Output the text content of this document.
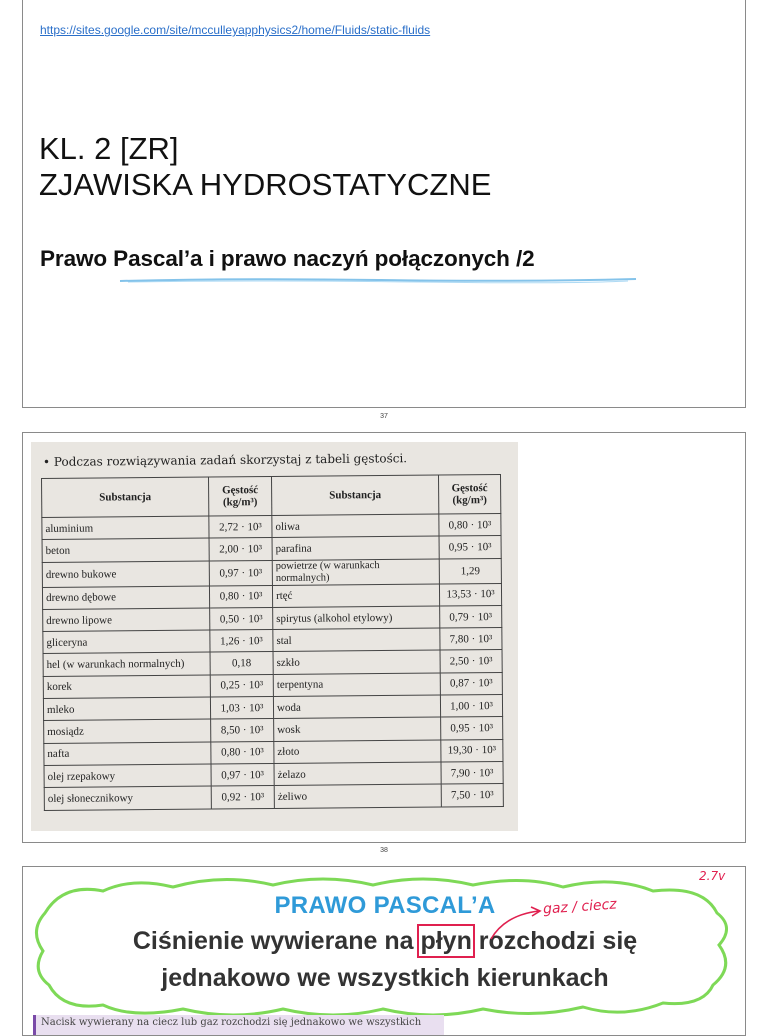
https://sites.google.com/site/mcculleyapphysics2/home/Fluids/static-fluids
KL. 2 [ZR]
ZJAWISKA HYDROSTATYCZNE
Prawo Pascal’a i prawo naczyń połączonych /2
37
• Podczas rozwiązywania zadań skorzystaj z tabeli gęstości.
Substancja	Gęstość (kg/m³)	Substancja	Gęstość (kg/m³)
aluminium	2,72 · 10³	oliwa	0,80 · 10³
beton	2,00 · 10³	parafina	0,95 · 10³
drewno bukowe	0,97 · 10³	powietrze (w warunkach normalnych)	1,29
drewno dębowe	0,80 · 10³	rtęć	13,53 · 10³
drewno lipowe	0,50 · 10³	spirytus (alkohol etylowy)	0,79 · 10³
gliceryna	1,26 · 10³	stal	7,80 · 10³
hel (w warunkach normalnych)	0,18	szkło	2,50 · 10³
korek	0,25 · 10³	terpentyna	0,87 · 10³
mleko	1,03 · 10³	woda	1,00 · 10³
mosiądz	8,50 · 10³	wosk	0,95 · 10³
nafta	0,80 · 10³	złoto	19,30 · 10³
olej rzepakowy	0,97 · 10³	żelazo	7,90 · 10³
olej słonecznikowy	0,92 · 10³	żeliwo	7,50 · 10³
38
PRAWO PASCAL’A
Ciśnienie wywierane na płyn rozchodzi się
jednakowo we wszystkich kierunkach
gaz / ciecz
2.7v
Nacisk wywierany na ciecz lub gaz rozchodzi się jednakowo we wszystkich
